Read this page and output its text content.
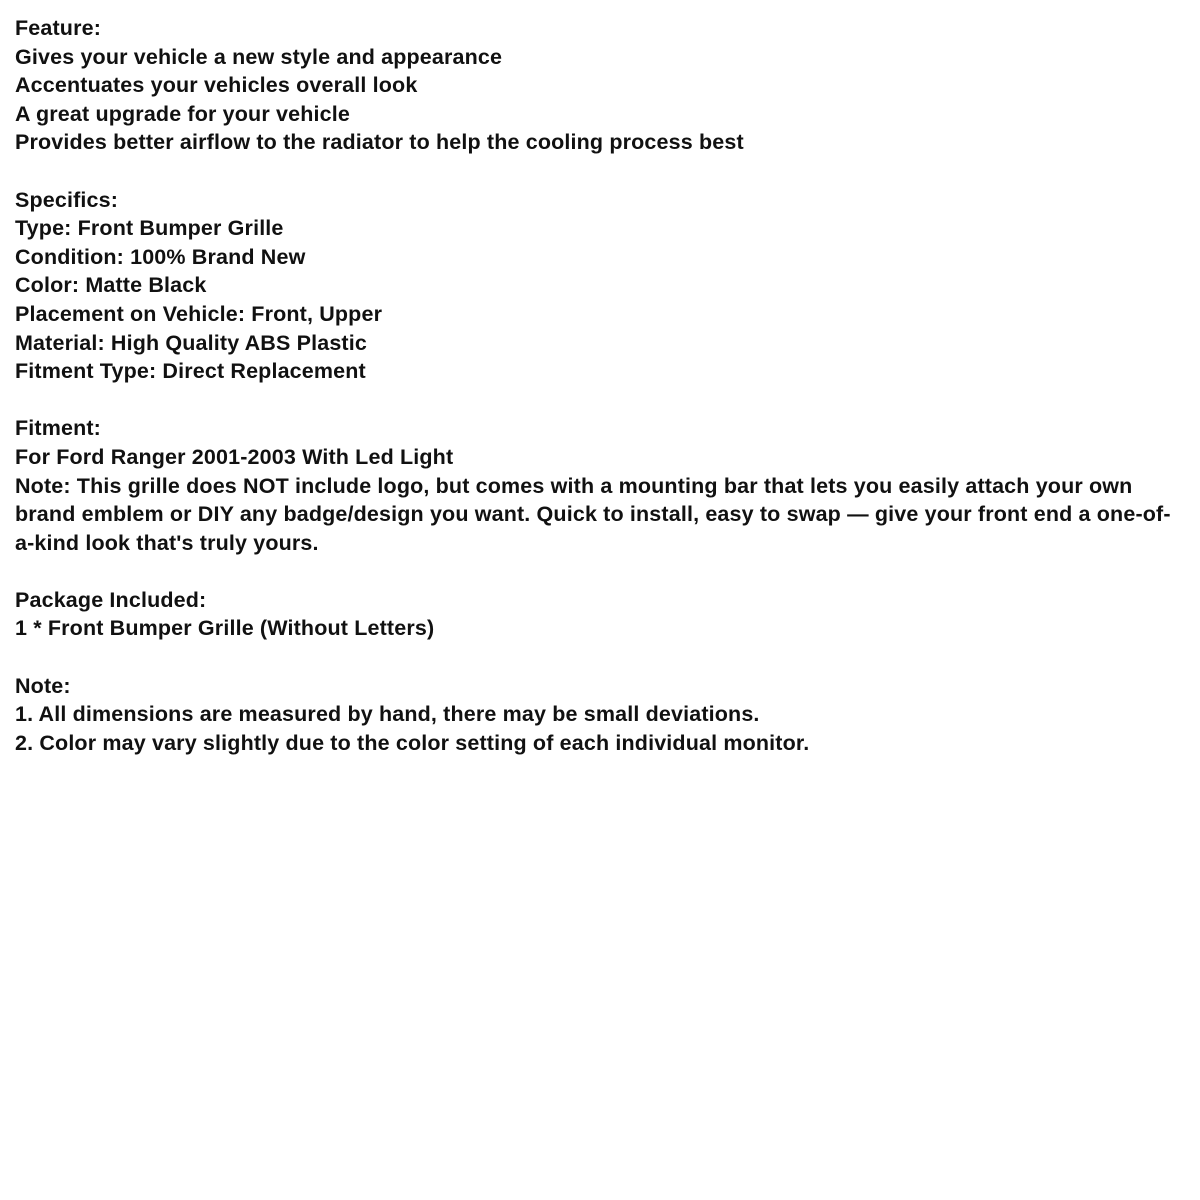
Feature:
Gives your vehicle a new style and appearance
Accentuates your vehicles overall look
A great upgrade for your vehicle
Provides better airflow to the radiator to help the cooling process best
Specifics:
Type: Front Bumper Grille
Condition: 100% Brand New
Color: Matte Black
Placement on Vehicle: Front, Upper
Material: High Quality ABS Plastic
Fitment Type: Direct Replacement
Fitment:
For Ford Ranger 2001-2003 With Led Light
Note: This grille does NOT include logo, but comes with a mounting bar that lets you easily attach your own brand emblem or DIY any badge/design you want. Quick to install, easy to swap — give your front end a one-of-a-kind look that's truly yours.
Package Included:
1 * Front Bumper Grille (Without Letters)
Note:
1. All dimensions are measured by hand, there may be small deviations.
2. Color may vary slightly due to the color setting of each individual monitor.
